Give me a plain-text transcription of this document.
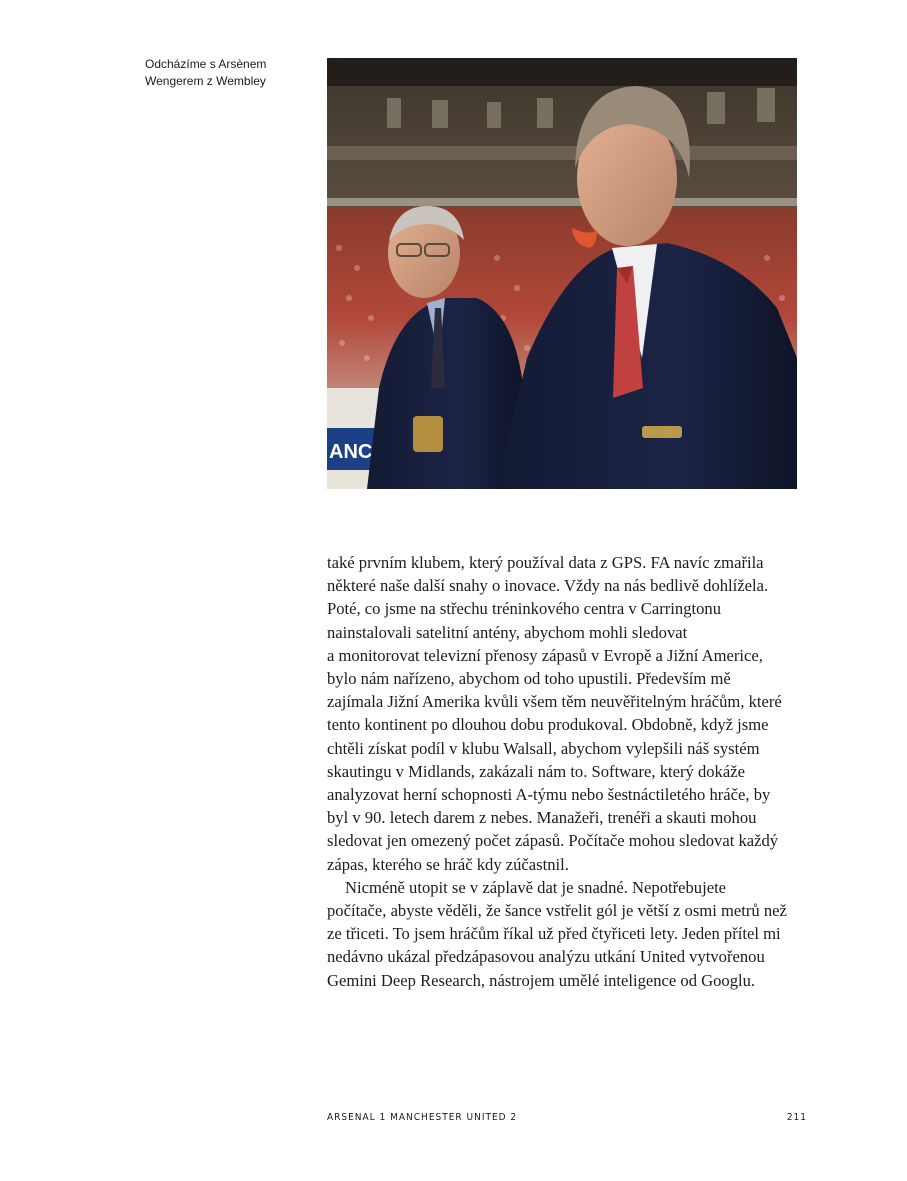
Odcházíme s Arsènem
Wengerem z Wembley
ANC

také prvním klubem, který používal data z GPS. FA navíc zmařila
některé naše další snahy o inovace. Vždy na nás bedlivě dohlížela.
Poté, co jsme na střechu tréninkového centra v Carringtonu
nainstalovali satelitní antény, abychom mohli sledovat
a monitorovat televizní přenosy zápasů v Evropě a Jižní Americe,
bylo nám nařízeno, abychom od toho upustili. Především mě
zajímala Jižní Amerika kvůli všem těm neuvěřitelným hráčům, které
tento kontinent po dlouhou dobu produkoval. Obdobně, když jsme
chtěli získat podíl v klubu Walsall, abychom vylepšili náš systém
skautingu v Midlands, zakázali nám to. Software, který dokáže
analyzovat herní schopnosti A-týmu nebo šestnáctiletého hráče, by
byl v 90. letech darem z nebes. Manažeři, trenéři a skauti mohou
sledovat jen omezený počet zápasů. Počítače mohou sledovat každý
zápas, kterého se hráč kdy zúčastnil.

Nicméně utopit se v záplavě dat je snadné. Nepotřebujete
počítače, abyste věděli, že šance vstřelit gól je větší z osmi metrů než
ze třiceti. To jsem hráčům říkal už před čtyřiceti lety. Jeden přítel mi
nedávno ukázal předzápasovou analýzu utkání United vytvořenou
Gemini Deep Research, nástrojem umělé inteligence od Googlu.

ARSENAL 1 MANCHESTER UNITED 2	211
